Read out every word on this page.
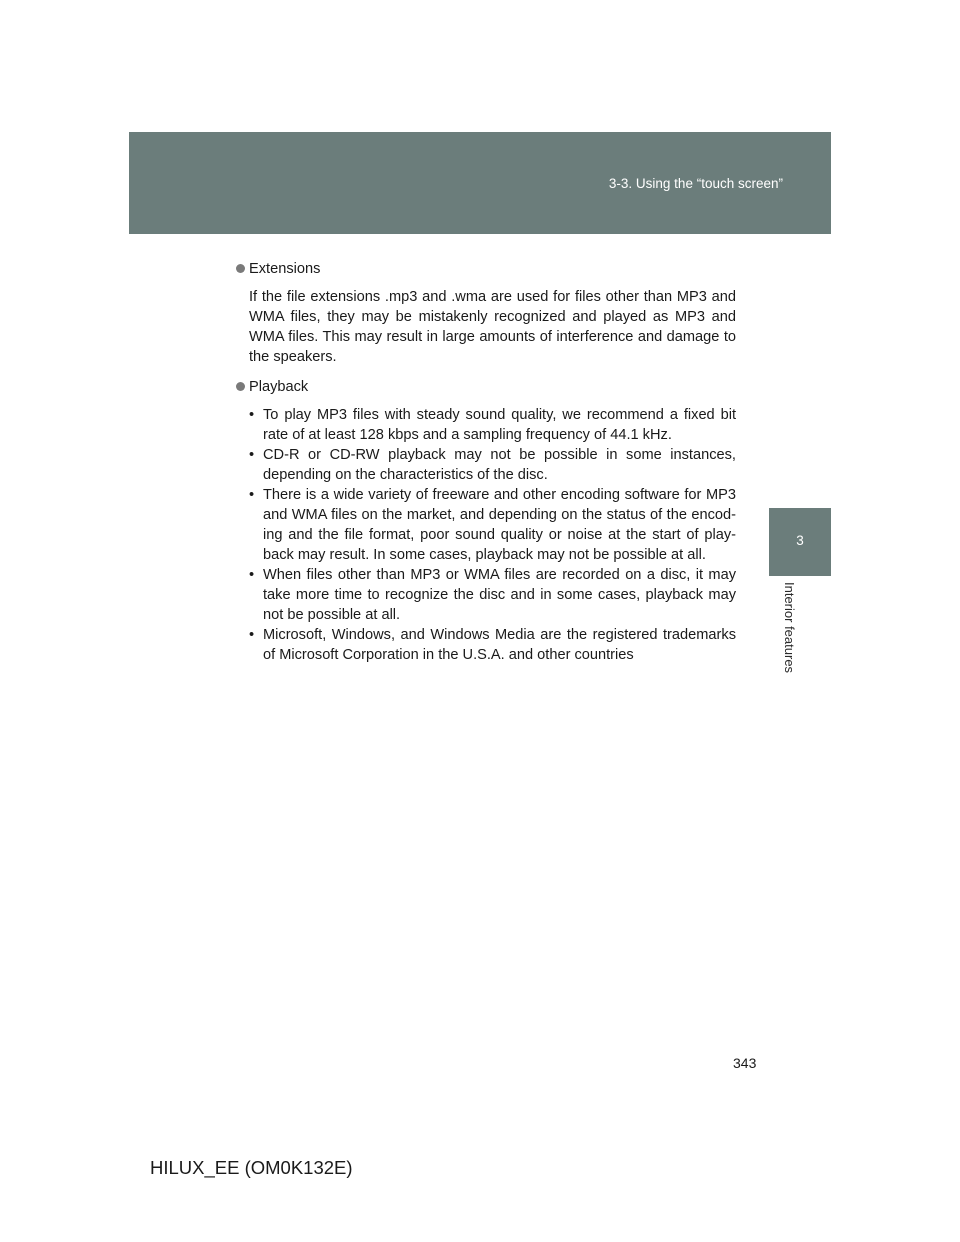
3-3. Using the “touch screen”
3
Interior features

Extensions

If the file extensions .mp3 and .wma are used for files other than MP3 and WMA files, they may be mistakenly recognized and played as MP3 and WMA files. This may result in large amounts of interference and damage to the speakers.

Playback

• To play MP3 files with steady sound quality, we recommend a fixed bit rate of at least 128 kbps and a sampling frequency of 44.1 kHz.
• CD-R or CD-RW playback may not be possible in some instances, depending on the characteristics of the disc.
• There is a wide variety of freeware and other encoding software for MP3 and WMA files on the market, and depending on the status of the encod-ing and the file format, poor sound quality or noise at the start of play-back may result. In some cases, playback may not be possible at all.
• When files other than MP3 or WMA files are recorded on a disc, it may take more time to recognize the disc and in some cases, playback may not be possible at all.
• Microsoft, Windows, and Windows Media are the registered trademarks of Microsoft Corporation in the U.S.A. and other countries
343
HILUX_EE (OM0K132E)
